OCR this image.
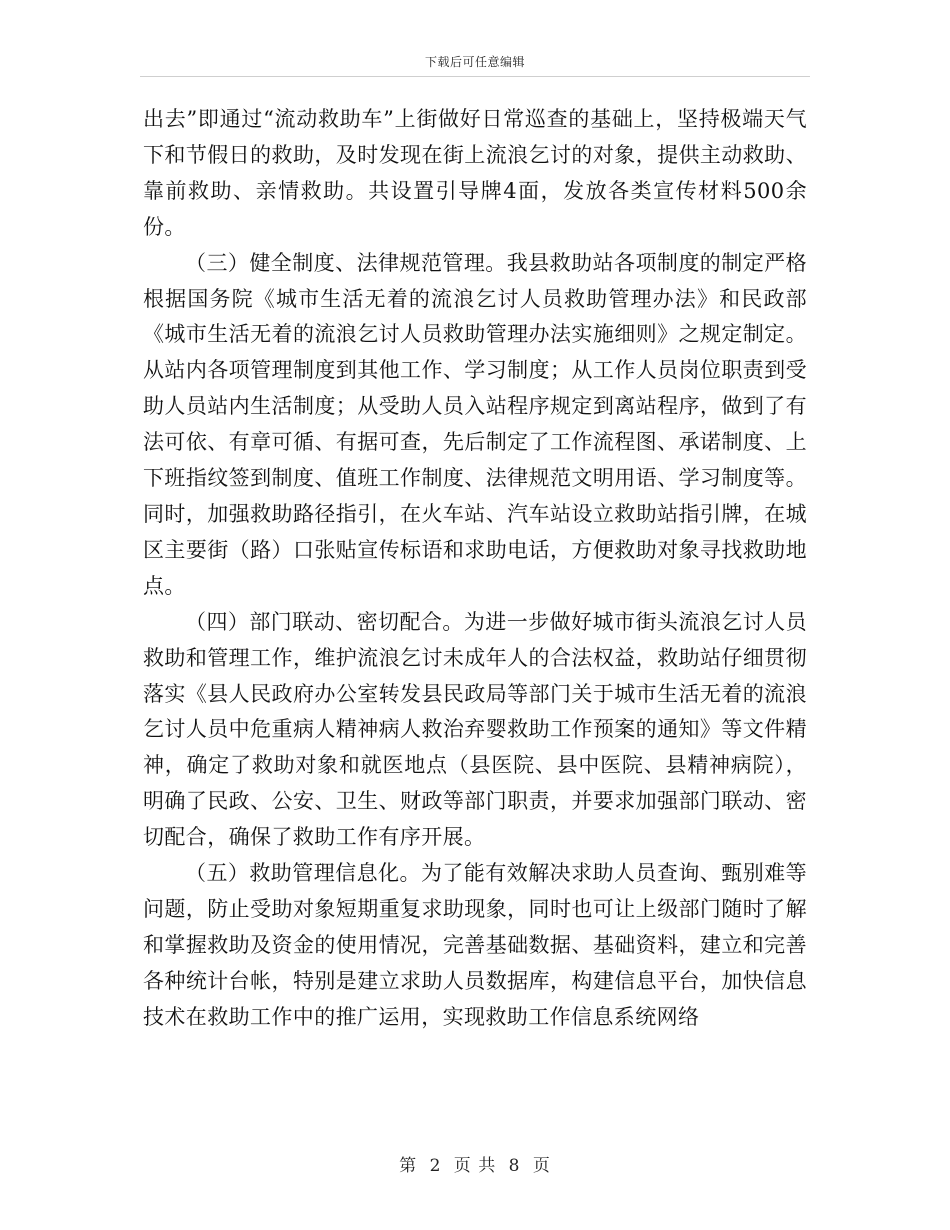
下载后可任意编辑

出去”即通过“流动救助车”上街做好日常巡查的基础上，坚持极端天气下和节假日的救助，及时发现在街上流浪乞讨的对象，提供主动救助、靠前救助、亲情救助。共设置引导牌4面，发放各类宣传材料500余份。

（三）健全制度、法律规范管理。我县救助站各项制度的制定严格根据国务院《城市生活无着的流浪乞讨人员救助管理办法》和民政部《城市生活无着的流浪乞讨人员救助管理办法实施细则》之规定制定。从站内各项管理制度到其他工作、学习制度；从工作人员岗位职责到受助人员站内生活制度；从受助人员入站程序规定到离站程序，做到了有法可依、有章可循、有据可查，先后制定了工作流程图、承诺制度、上下班指纹签到制度、值班工作制度、法律规范文明用语、学习制度等。同时，加强救助路径指引，在火车站、汽车站设立救助站指引牌，在城区主要街（路）口张贴宣传标语和求助电话，方便救助对象寻找救助地点。

（四）部门联动、密切配合。为进一步做好城市街头流浪乞讨人员救助和管理工作，维护流浪乞讨未成年人的合法权益，救助站仔细贯彻落实《县人民政府办公室转发县民政局等部门关于城市生活无着的流浪乞讨人员中危重病人精神病人救治弃婴救助工作预案的通知》等文件精神，确定了救助对象和就医地点（县医院、县中医院、县精神病院），明确了民政、公安、卫生、财政等部门职责，并要求加强部门联动、密切配合，确保了救助工作有序开展。

（五）救助管理信息化。为了能有效解决求助人员查询、甄别难等问题，防止受助对象短期重复求助现象，同时也可让上级部门随时了解和掌握救助及资金的使用情况，完善基础数据、基础资料，建立和完善各种统计台帐，特别是建立求助人员数据库，构建信息平台，加快信息技术在救助工作中的推广运用，实现救助工作信息系统网络

第 2 页 共 8 页
